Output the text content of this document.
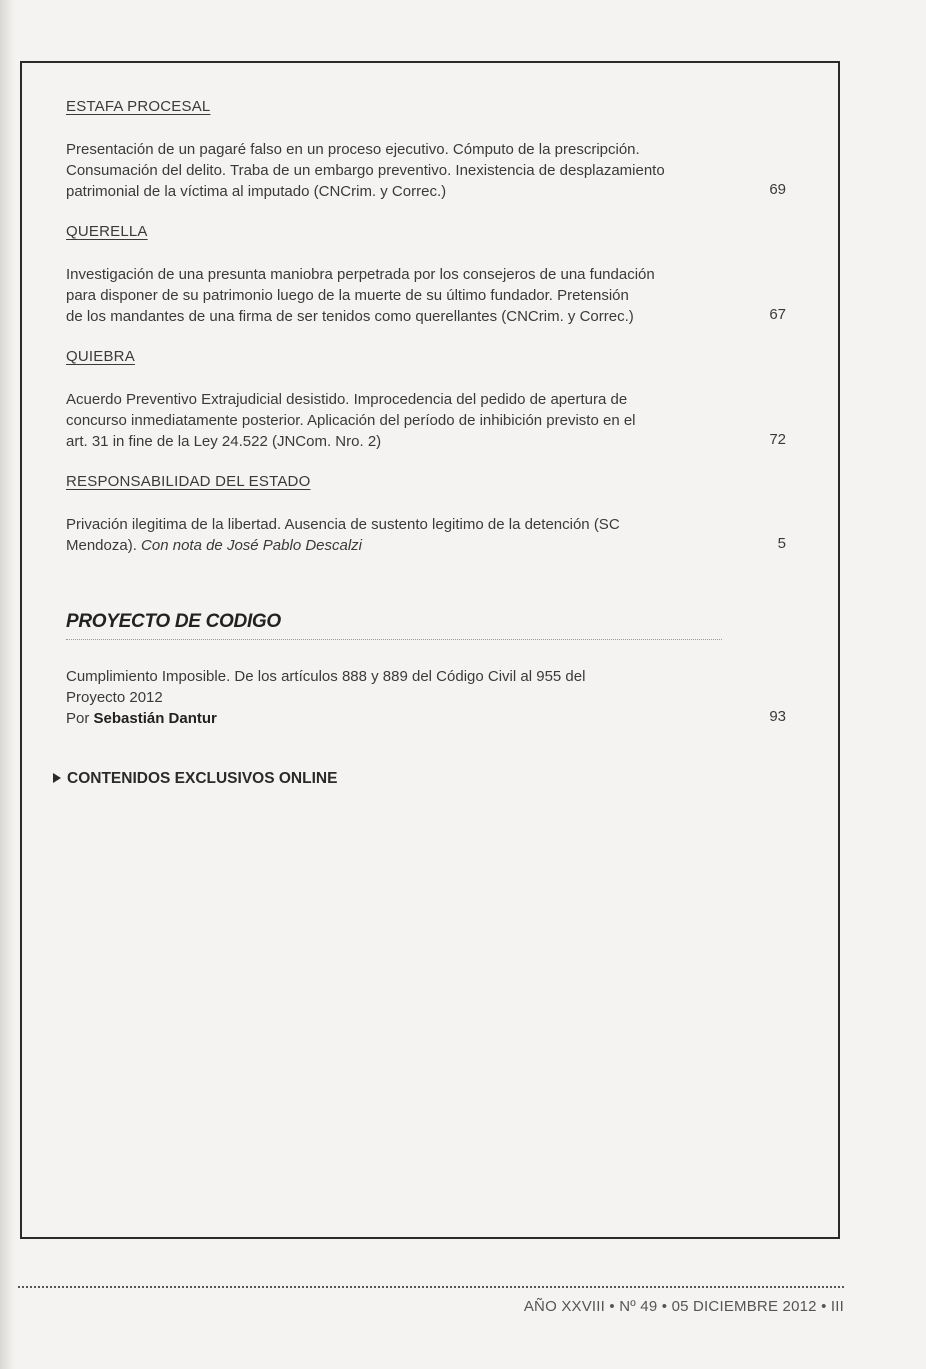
ESTAFA PROCESAL

Presentación de un pagaré falso en un proceso ejecutivo. Cómputo de la prescripción.
Consumación del delito. Traba de un embargo preventivo. Inexistencia de desplazamiento
patrimonial de la víctima al imputado (CNCrim. y Correc.)	69

QUERELLA

Investigación de una presunta maniobra perpetrada por los consejeros de una fundación
para disponer de su patrimonio luego de la muerte de su último fundador. Pretensión
de los mandantes de una firma de ser tenidos como querellantes (CNCrim. y Correc.)	67

QUIEBRA

Acuerdo Preventivo Extrajudicial desistido. Improcedencia del pedido de apertura de
concurso inmediatamente posterior. Aplicación del período de inhibición previsto en el
art. 31 in fine de la Ley 24.522 (JNCom. Nro. 2)	72

RESPONSABILIDAD DEL ESTADO

Privación ilegitima de la libertad. Ausencia de sustento legitimo de la detención (SC
Mendoza). Con nota de José Pablo Descalzi	5
PROYECTO DE CODIGO

Cumplimiento Imposible. De los artículos 888 y 889 del Código Civil al 955 del
Proyecto 2012
Por Sebastián Dantur	93
CONTENIDOS EXCLUSIVOS ONLINE
AÑO XXVIII • Nº 49 • 05 DICIEMBRE 2012 • III
